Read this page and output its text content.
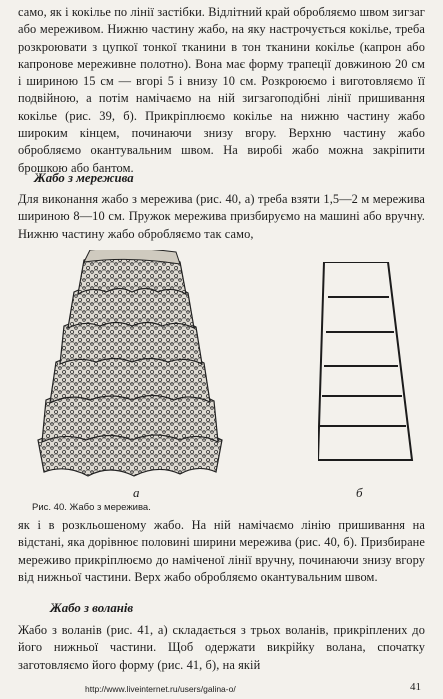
само, як і кокілье по лінії застібки. Відлітний край обробляємо швом зигзаг або мереживом. Нижню частину жабо, на яку настрочується кокілье, треба розкроювати з цупкої тонкої тканини в тон тканини кокілье (капрон або капронове мереживне полотно). Вона має форму трапеції довжиною 20 см і шириною 15 см — вгорі 5 і внизу 10 см. Розкроюємо і виготовляємо її подвійною, а потім намічаємо на ній зигзагоподібні лінії пришивання кокілье (рис. 39, б). Прикріплюємо кокілье на нижню частину жабо широким кінцем, починаючи знизу вгору. Верхню частину жабо обробляємо окантувальним швом. На виробі жабо можна закріпити брошкою або бантом.
Жабо з мережива
Для виконання жабо з мережива (рис. 40, а) треба взяти 1,5—2 м мережива шириною 8—10 см. Пружок мережива призбируємо на машині або вручну. Нижню частину жабо обробляємо так само,
а	б
Рис. 40. Жабо з мережива.
як і в розкльошеному жабо. На ній намічаємо лінію пришивання на відстані, яка дорівнює половині ширини мережива (рис. 40, б). Призбиране мереживо прикріплюємо до наміченої лінії вручну, починаючи знизу вгору від нижньої частини. Верх жабо обробляємо окантувальним швом.
Жабо з воланів
Жабо з воланів (рис. 41, а) складається з трьох воланів, прикріплених до його нижньої частини. Щоб одержати викрійку волана, спочатку заготовляємо його форму (рис. 41, б), на якій
http://www.liveinternet.ru/users/galina-o/	41
